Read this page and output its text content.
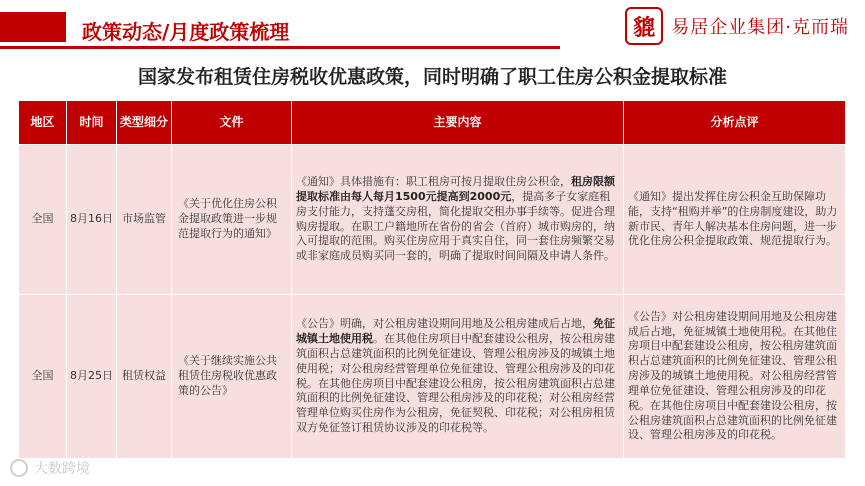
政策动态/月度政策梳理	貔 易居企业集团·克而瑞
国家发布租赁住房税收优惠政策，同时明确了职工住房公积金提取标准
地区	时间	类型细分	文件	主要内容	分析点评
全国	8月16日	市场监管	《关于优化住房公积金提取政策进一步规范提取行为的通知》	《通知》具体措施有：职工租房可按月提取住房公积金，租房限额提取标准由每人每月1500元提高到2000元，提高多子女家庭租房支付能力，支持蓬交房租，简化提取交租办事手续等。促进合理购房提取。在职工户籍地所在省份的省会（首府）城市购房的，纳入可提取的范围。购买住房应用于真实自住，同一套住房频繁交易或非家庭成员购买同一套的，明确了提取时间间隔及申请人条件。	《通知》提出发挥住房公积金互助保障功能，支持“租购并举”的住房制度建设，助力新市民、青年人解决基本住房问题，进一步优化住房公积金提取政策、规范提取行为。
全国	8月25日	租赁权益	《关于继续实施公共租赁住房税收优惠政策的公告》	《公告》明确，对公租房建设期间用地及公租房建成后占地，免征城镇土地使用税。在其他住房项目中配套建设公租房，按公租房建筑面积占总建筑面积的比例免征建设、管理公租房涉及的城镇土地使用税；对公租房经营管理单位免征建设、管理公租房涉及的印花税。在其他住房项目中配套建设公租房，按公租房建筑面积占总建筑面积的比例免征建设、管理公租房涉及的印花税；对公租房经营管理单位购买住房作为公租房，免征契税、印花税；对公租房租赁双方免征签订租赁协议涉及的印花税等。	《公告》对公租房建设期间用地及公租房建成后占地，免征城镇土地使用税。在其他住房项目中配套建设公租房，按公租房建筑面积占总建筑面积的比例免征建设、管理公租房涉及的城镇土地使用税。对公租房经营管理单位免征建设、管理公租房涉及的印花税。在其他住房项目中配套建设公租房，按公租房建筑面积占总建筑面积的比例免征建设、管理公租房涉及的印花税。
大数跨境
